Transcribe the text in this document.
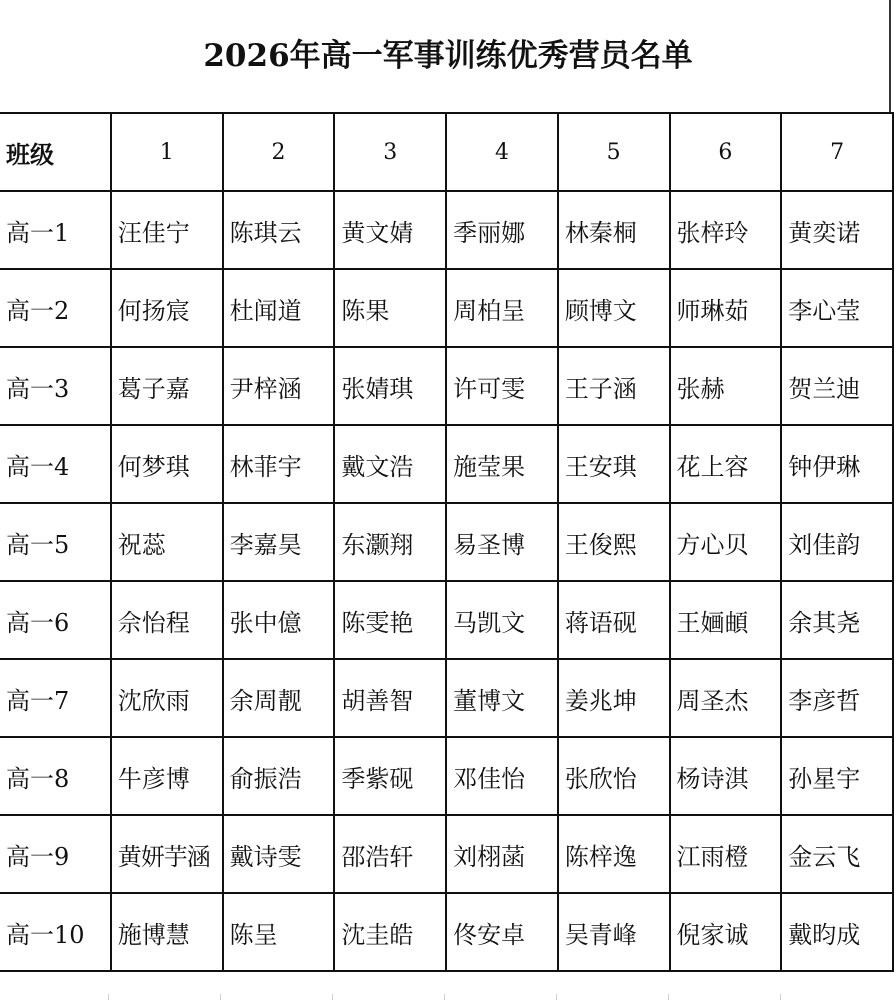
2026年高一军事训练优秀营员名单
班级	1	2	3	4	5	6	7
高一1	汪佳宁	陈琪云	黄文婧	季丽娜	林秦桐	张梓玲	黄奕诺
高一2	何扬宸	杜闻道	陈果	周柏呈	顾博文	师琳茹	李心莹
高一3	葛子嘉	尹梓涵	张婧琪	许可雯	王子涵	张赫	贺兰迪
高一4	何梦琪	林菲宇	戴文浩	施莹果	王安琪	花上容	钟伊琳
高一5	祝蕊	李嘉昊	东灏翔	易圣博	王俊熙	方心贝	刘佳韵
高一6	佘怡程	张中億	陈雯艳	马凯文	蒋语砚	王婳頔	余其尧
高一7	沈欣雨	余周靓	胡善智	董博文	姜兆坤	周圣杰	李彦哲
高一8	牛彦博	俞振浩	季紫砚	邓佳怡	张欣怡	杨诗淇	孙星宇
高一9	黄妍芋涵	戴诗雯	邵浩轩	刘栩菡	陈梓逸	江雨橙	金云飞
高一10	施博慧	陈呈	沈圭皓	佟安卓	吴青峰	倪家诚	戴昀成
